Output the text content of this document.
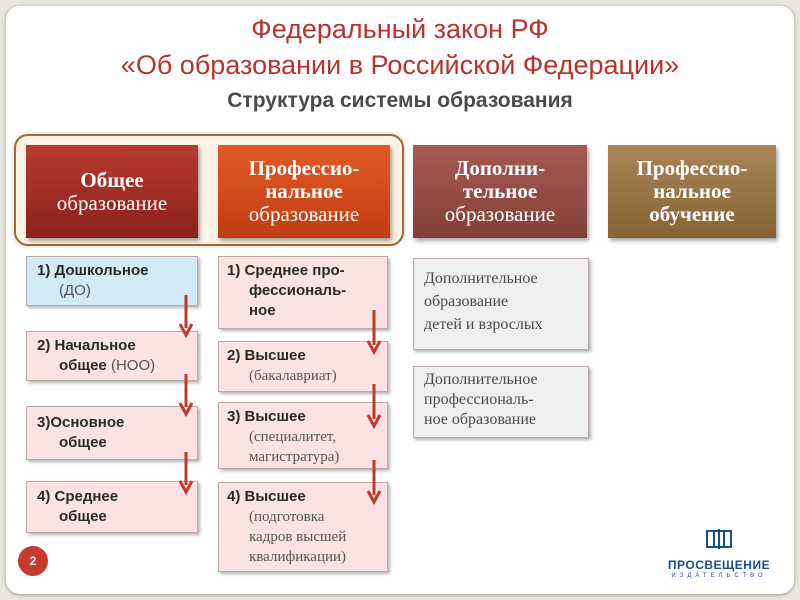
Федеральный закон РФ
«Об образовании в Российской Федерации»
Структура системы образования
Общее
образование
Профессио-
нальное
образование
Дополни-
тельное
образование
Профессио-
нальное
обучение
1) Дошкольное
(ДО)
2) Начальное
общее (НОО)
3)Основное
общее
4) Среднее
общее
1) Среднее про-
фессиональ-
ное
2) Высшее
(бакалавриат)
3) Высшее
(специалитет,
магистратура)
4) Высшее
(подготовка
кадров высшей
квалификации)
Дополнительное
образование
детей и взрослых
Дополнительное
профессиональ-
ное образование
2	ПРОСВЕЩЕНИЕ
ИЗДАТЕЛЬСТВО
